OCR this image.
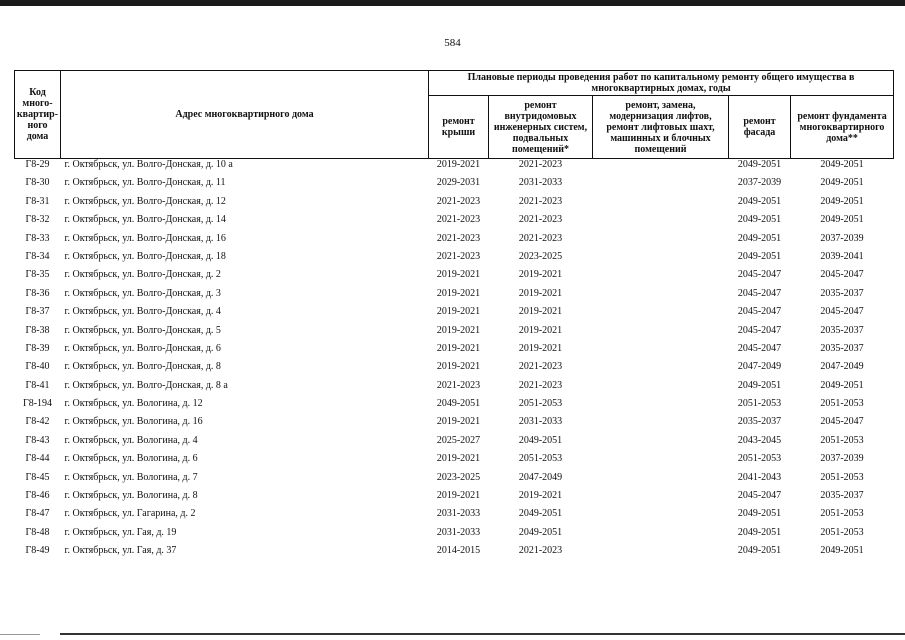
584
Код много-квартир-ного дома	Адрес многоквартирного дома	Плановые периоды проведения работ по капитальному ремонту общего имущества в многоквартирных домах, годы				
		ремонт крыши	ремонт внутридомовых инженерных систем, подвальных помещений*	ремонт, замена, модернизация лифтов, ремонт лифтовых шахт, машинных и блочных помещений	ремонт фасада	ремонт фундамента многоквартирного дома**
Г8-29	г. Октябрьск, ул. Волго-Донская, д. 10 а	2019-2021	2021-2023		2049-2051	2049-2051
Г8-30	г. Октябрьск, ул. Волго-Донская, д. 11	2029-2031	2031-2033		2037-2039	2049-2051
Г8-31	г. Октябрьск, ул. Волго-Донская, д. 12	2021-2023	2021-2023		2049-2051	2049-2051
Г8-32	г. Октябрьск, ул. Волго-Донская, д. 14	2021-2023	2021-2023		2049-2051	2049-2051
Г8-33	г. Октябрьск, ул. Волго-Донская, д. 16	2021-2023	2021-2023		2049-2051	2037-2039
Г8-34	г. Октябрьск, ул. Волго-Донская, д. 18	2021-2023	2023-2025		2049-2051	2039-2041
Г8-35	г. Октябрьск, ул. Волго-Донская, д. 2	2019-2021	2019-2021		2045-2047	2045-2047
Г8-36	г. Октябрьск, ул. Волго-Донская, д. 3	2019-2021	2019-2021		2045-2047	2035-2037
Г8-37	г. Октябрьск, ул. Волго-Донская, д. 4	2019-2021	2019-2021		2045-2047	2045-2047
Г8-38	г. Октябрьск, ул. Волго-Донская, д. 5	2019-2021	2019-2021		2045-2047	2035-2037
Г8-39	г. Октябрьск, ул. Волго-Донская, д. 6	2019-2021	2019-2021		2045-2047	2035-2037
Г8-40	г. Октябрьск, ул. Волго-Донская, д. 8	2019-2021	2021-2023		2047-2049	2047-2049
Г8-41	г. Октябрьск, ул. Волго-Донская, д. 8 а	2021-2023	2021-2023		2049-2051	2049-2051
Г8-194	г. Октябрьск, ул. Вологина, д. 12	2049-2051	2051-2053		2051-2053	2051-2053
Г8-42	г. Октябрьск, ул. Вологина, д. 16	2019-2021	2031-2033		2035-2037	2045-2047
Г8-43	г. Октябрьск, ул. Вологина, д. 4	2025-2027	2049-2051		2043-2045	2051-2053
Г8-44	г. Октябрьск, ул. Вологина, д. 6	2019-2021	2051-2053		2051-2053	2037-2039
Г8-45	г. Октябрьск, ул. Вологина, д. 7	2023-2025	2047-2049		2041-2043	2051-2053
Г8-46	г. Октябрьск, ул. Вологина, д. 8	2019-2021	2019-2021		2045-2047	2035-2037
Г8-47	г. Октябрьск, ул. Гагарина, д. 2	2031-2033	2049-2051		2049-2051	2051-2053
Г8-48	г. Октябрьск, ул. Гая, д. 19	2031-2033	2049-2051		2049-2051	2051-2053
Г8-49	г. Октябрьск, ул. Гая, д. 37	2014-2015	2021-2023		2049-2051	2049-2051
